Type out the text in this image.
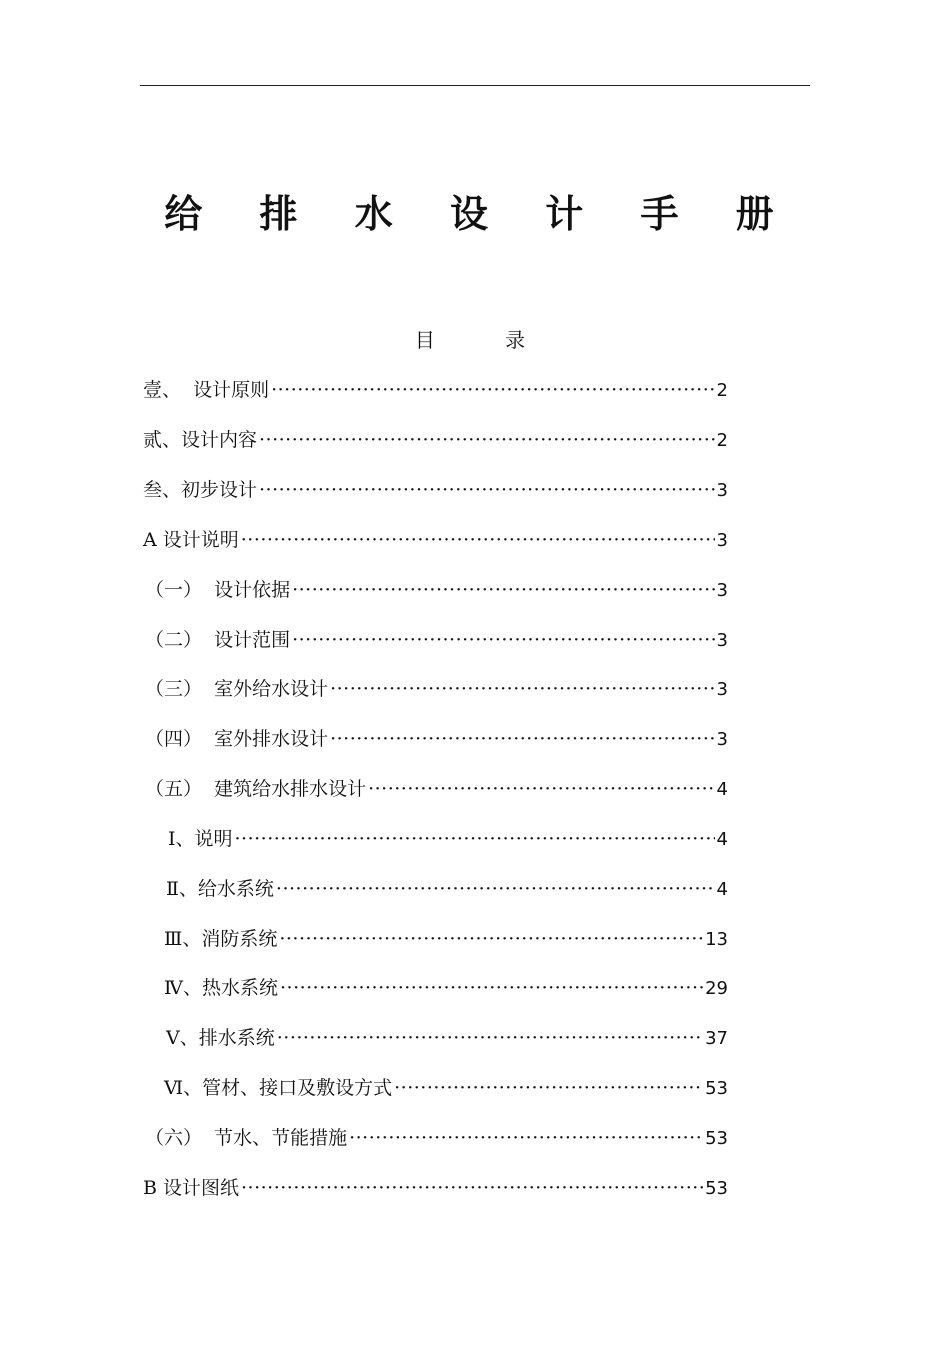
给 排 水 设 计 手 册
目 录
壹、  设计原则 ·····	2
贰、设计内容 ·····	2
叁、初步设计 ·····	3
A 设计说明 ·····	3
（一）  设计依据 ·····	3
（二）  设计范围 ·····	3
（三）  室外给水设计 ·····	3
（四）  室外排水设计 ·····	3
（五）  建筑给水排水设计 ·····	4
Ⅰ、说明 ·····	4
Ⅱ、给水系统 ·····	4
Ⅲ、消防系统 ·····	13
Ⅳ、热水系统 ·····	29
Ⅴ、排水系统 ·····	37
Ⅵ、管材、接口及敷设方式 ·····	53
（六）  节水、节能措施 ·····	53
B 设计图纸 ·····	53
